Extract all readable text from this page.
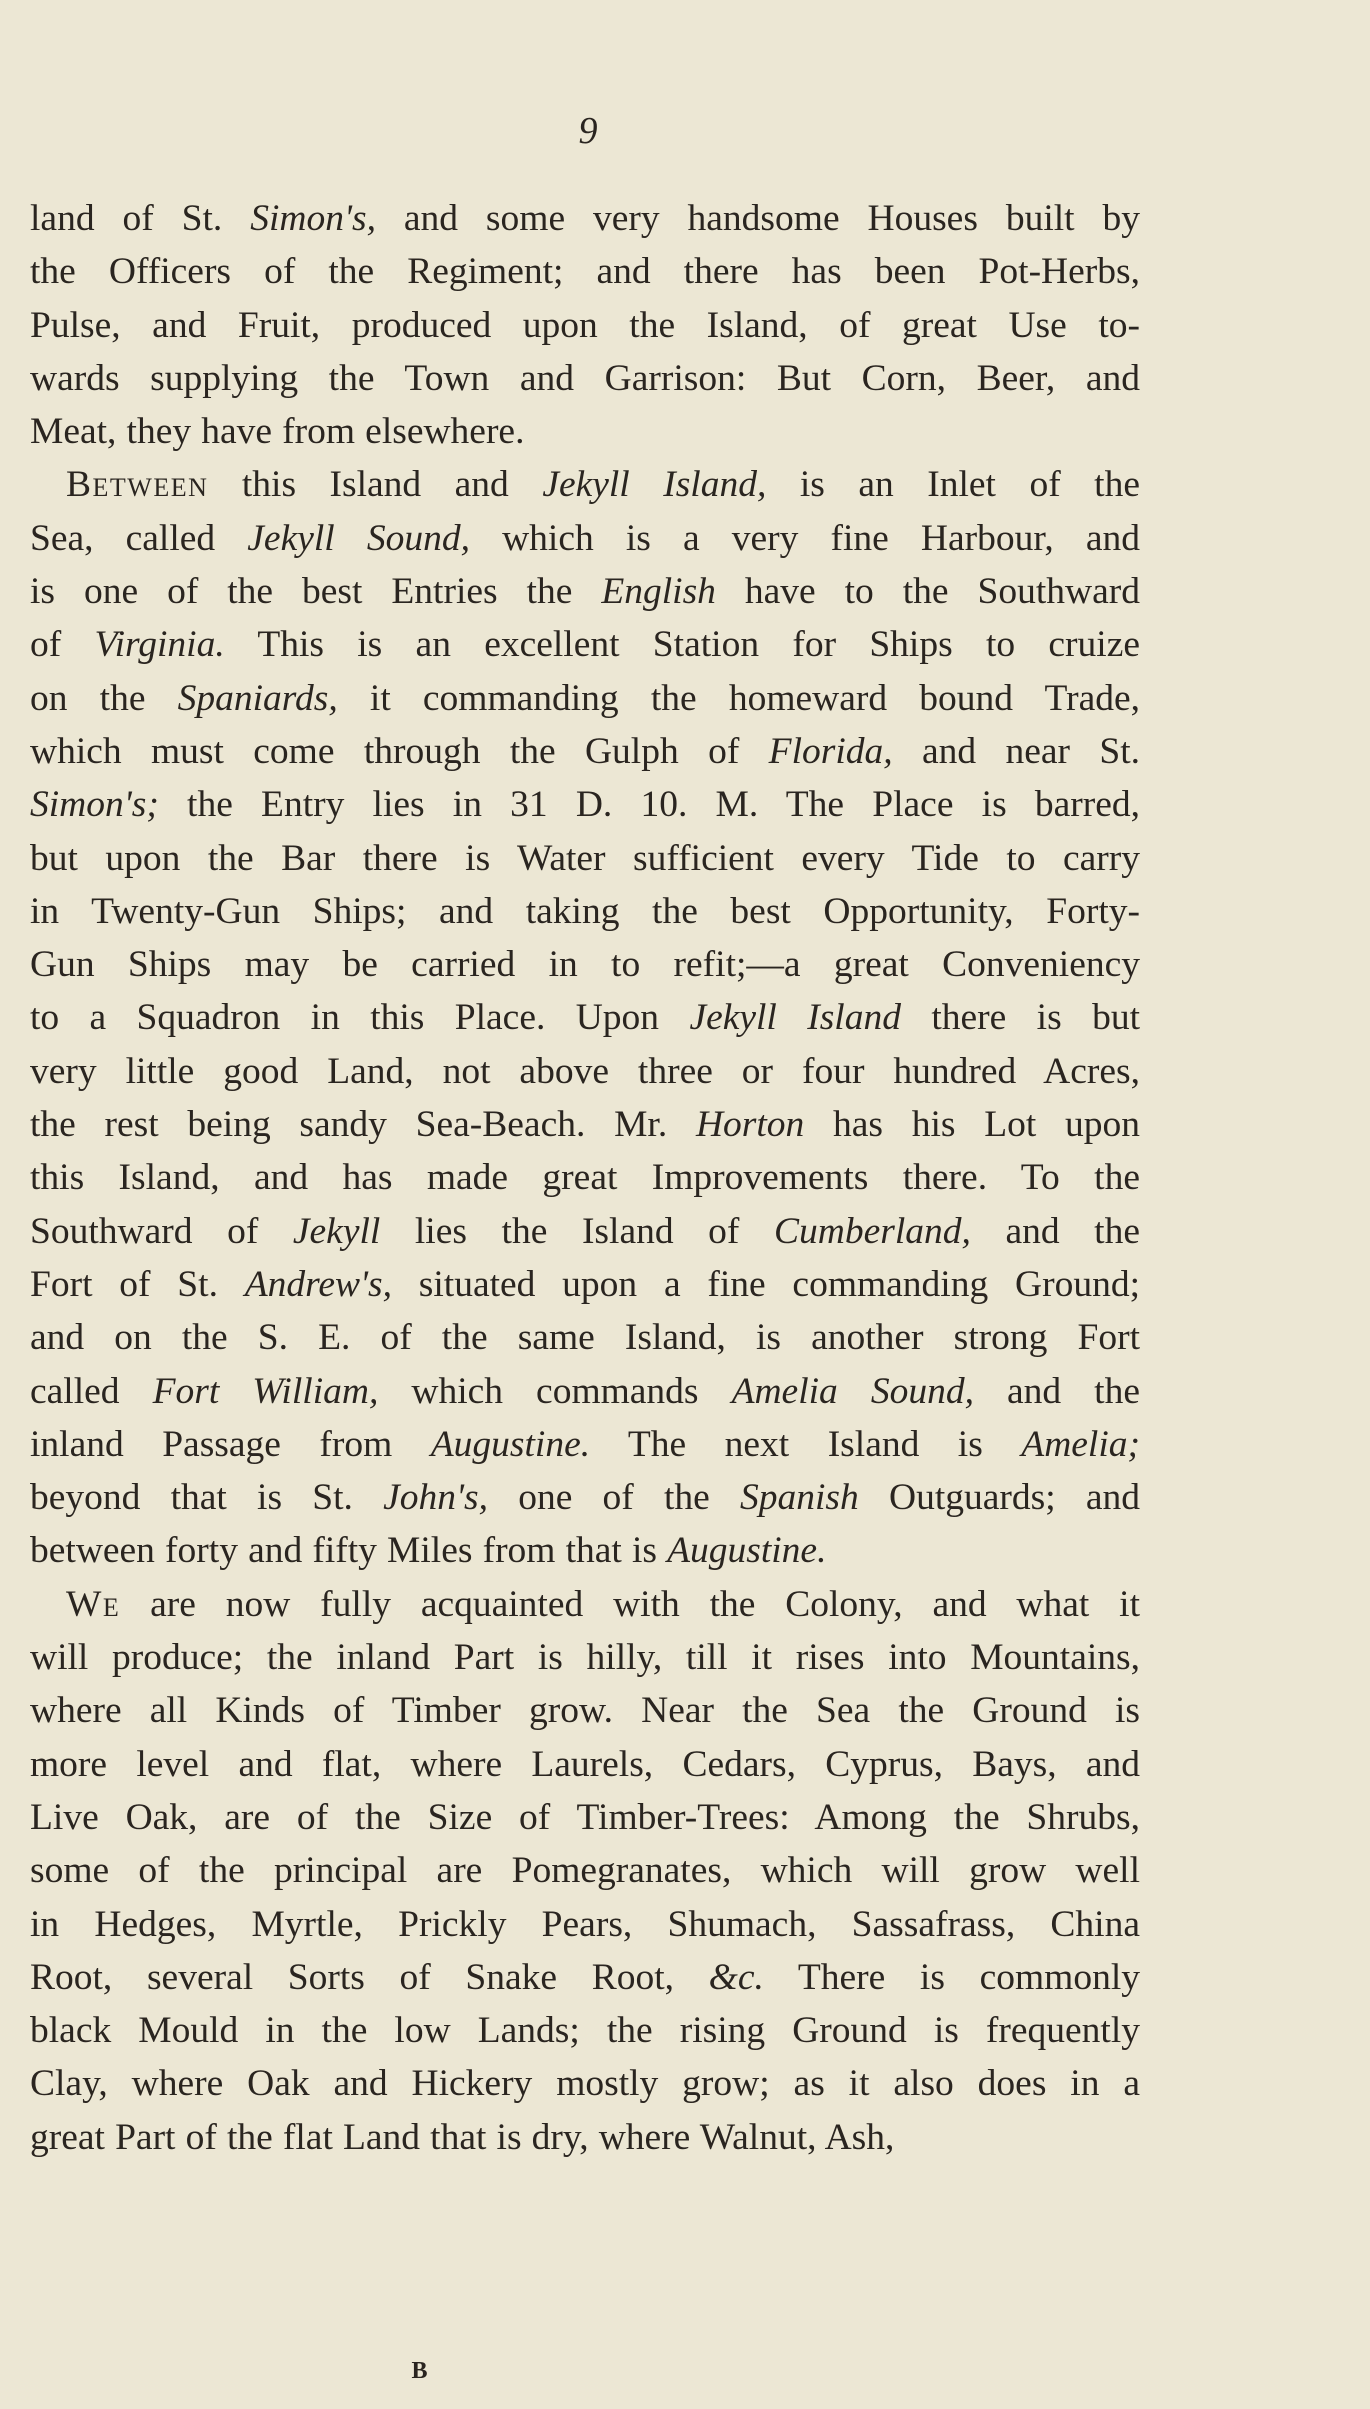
9
land of St. Simon's, and some very handsome Houses built by
the Officers of the Regiment; and there has been Pot-Herbs,
Pulse, and Fruit, produced upon the Island, of great Use to-
wards supplying the Town and Garrison: But Corn, Beer, and
Meat, they have from elsewhere.
Between this Island and Jekyll Island, is an Inlet of the
Sea, called Jekyll Sound, which is a very fine Harbour, and
is one of the best Entries the English have to the Southward
of Virginia. This is an excellent Station for Ships to cruize
on the Spaniards, it commanding the homeward bound Trade,
which must come through the Gulph of Florida, and near St.
Simon's; the Entry lies in 31 D. 10. M. The Place is barred,
but upon the Bar there is Water sufficient every Tide to carry
in Twenty-Gun Ships; and taking the best Opportunity, Forty-
Gun Ships may be carried in to refit;—a great Conveniency
to a Squadron in this Place. Upon Jekyll Island there is but
very little good Land, not above three or four hundred Acres,
the rest being sandy Sea-Beach. Mr. Horton has his Lot upon
this Island, and has made great Improvements there. To the
Southward of Jekyll lies the Island of Cumberland, and the
Fort of St. Andrew's, situated upon a fine commanding Ground;
and on the S. E. of the same Island, is another strong Fort
called Fort William, which commands Amelia Sound, and the
inland Passage from Augustine. The next Island is Amelia;
beyond that is St. John's, one of the Spanish Outguards; and
between forty and fifty Miles from that is Augustine.
We are now fully acquainted with the Colony, and what it
will produce; the inland Part is hilly, till it rises into Mountains,
where all Kinds of Timber grow. Near the Sea the Ground is
more level and flat, where Laurels, Cedars, Cyprus, Bays, and
Live Oak, are of the Size of Timber-Trees: Among the Shrubs,
some of the principal are Pomegranates, which will grow well
in Hedges, Myrtle, Prickly Pears, Shumach, Sassafrass, China
Root, several Sorts of Snake Root, &c. There is commonly
black Mould in the low Lands; the rising Ground is frequently
Clay, where Oak and Hickery mostly grow; as it also does in a
great Part of the flat Land that is dry, where Walnut, Ash,
B
